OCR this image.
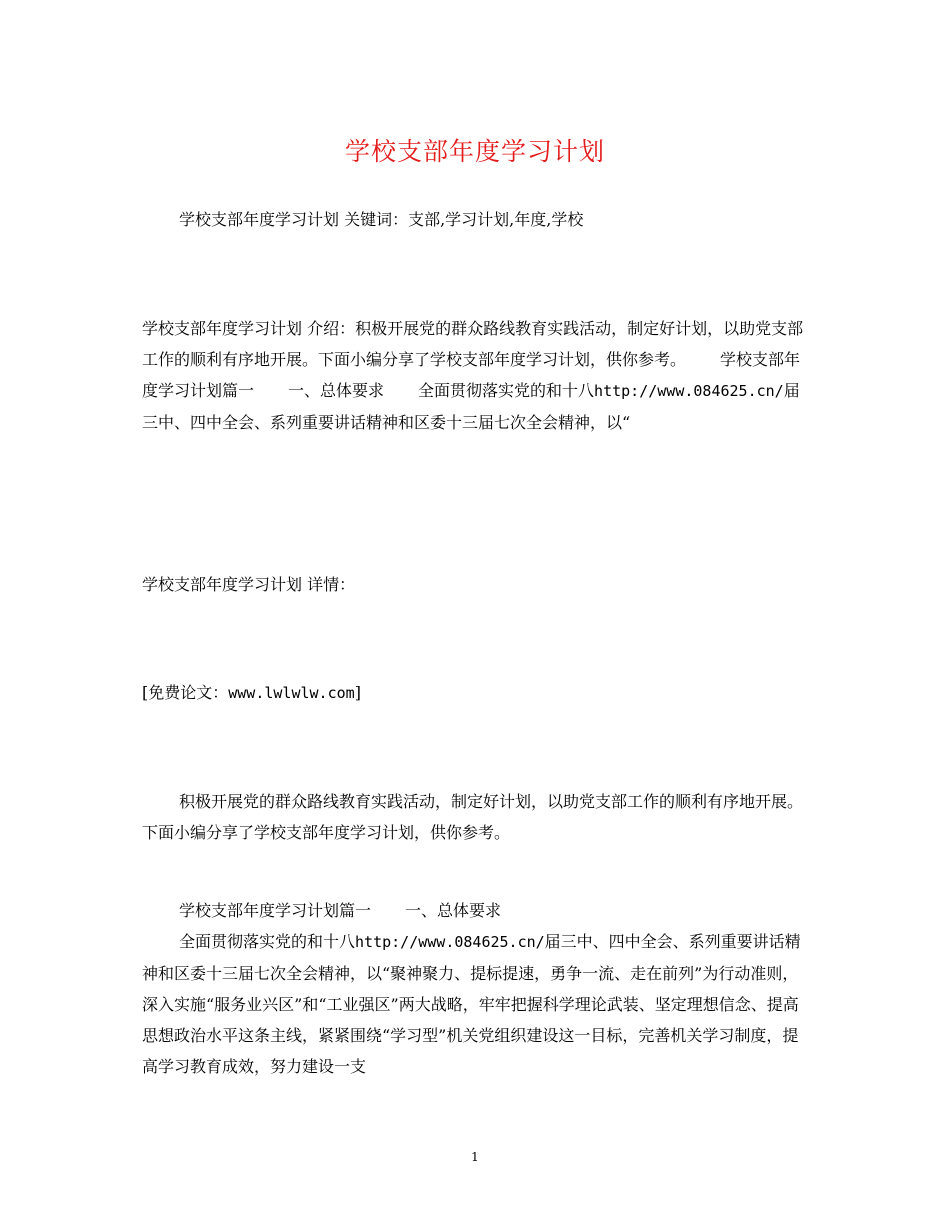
学校支部年度学习计划
学校支部年度学习计划 关键词：支部,学习计划,年度,学校
学校支部年度学习计划 介绍：积极开展党的群众路线教育实践活动，制定好计划，以助党支部工作的顺利有序地开展。下面小编分享了学校支部年度学习计划，供你参考。 学校支部年度学习计划篇一 一、总体要求 全面贯彻落实党的和十八http://www.084625.cn/届三中、四中全会、系列重要讲话精神和区委十三届七次全会精神，以“
学校支部年度学习计划 详情：
[免费论文：www.lwlwlw.com]
积极开展党的群众路线教育实践活动，制定好计划，以助党支部工作的顺利有序地开展。下面小编分享了学校支部年度学习计划，供你参考。
学校支部年度学习计划篇一 一、总体要求
全面贯彻落实党的和十八http://www.084625.cn/届三中、四中全会、系列重要讲话精神和区委十三届七次全会精神，以“聚神聚力、提标提速，勇争一流、走在前列”为行动准则，深入实施“服务业兴区”和“工业强区”两大战略，牢牢把握科学理论武装、坚定理想信念、提高思想政治水平这条主线，紧紧围绕“学习型”机关党组织建设这一目标，完善机关学习制度，提高学习教育成效，努力建设一支
1
